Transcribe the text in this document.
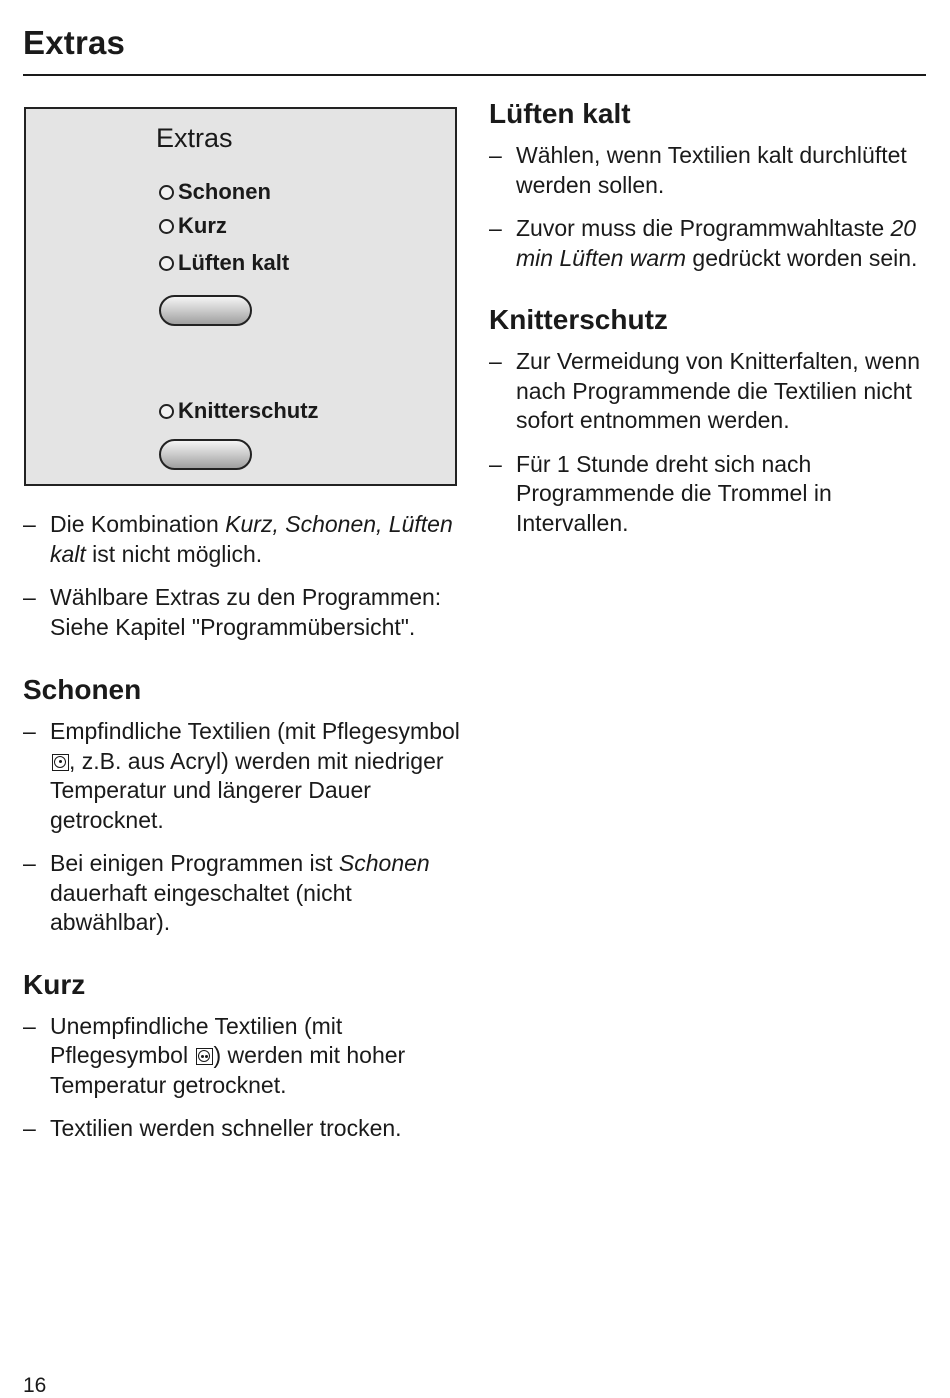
Extras
Extras
Schonen
Kurz
Lüften kalt
Knitterschutz
– Die Kombination Kurz, Schonen, Lüften kalt ist nicht möglich.
– Wählbare Extras zu den Programmen: Siehe Kapitel "Programmübersicht".
Schonen
– Empfindliche Textilien (mit Pflegesymbol
, z.B. aus Acryl) werden mit niedriger Temperatur und längerer Dauer getrocknet.
– Bei einigen Programmen ist Schonen dauerhaft eingeschaltet (nicht abwählbar).
Kurz
– Unempfindliche Textilien (mit Pflegesymbol ) werden mit hoher Temperatur getrocknet.
– Textilien werden schneller trocken.
Lüften kalt
– Wählen, wenn Textilien kalt durchlüftet werden sollen.
– Zuvor muss die Programmwahltaste 20 min Lüften warm gedrückt worden sein.
Knitterschutz
– Zur Vermeidung von Knitterfalten, wenn nach Programmende die Textilien nicht sofort entnommen werden.
– Für 1 Stunde dreht sich nach Programmende die Trommel in Intervallen.
16
